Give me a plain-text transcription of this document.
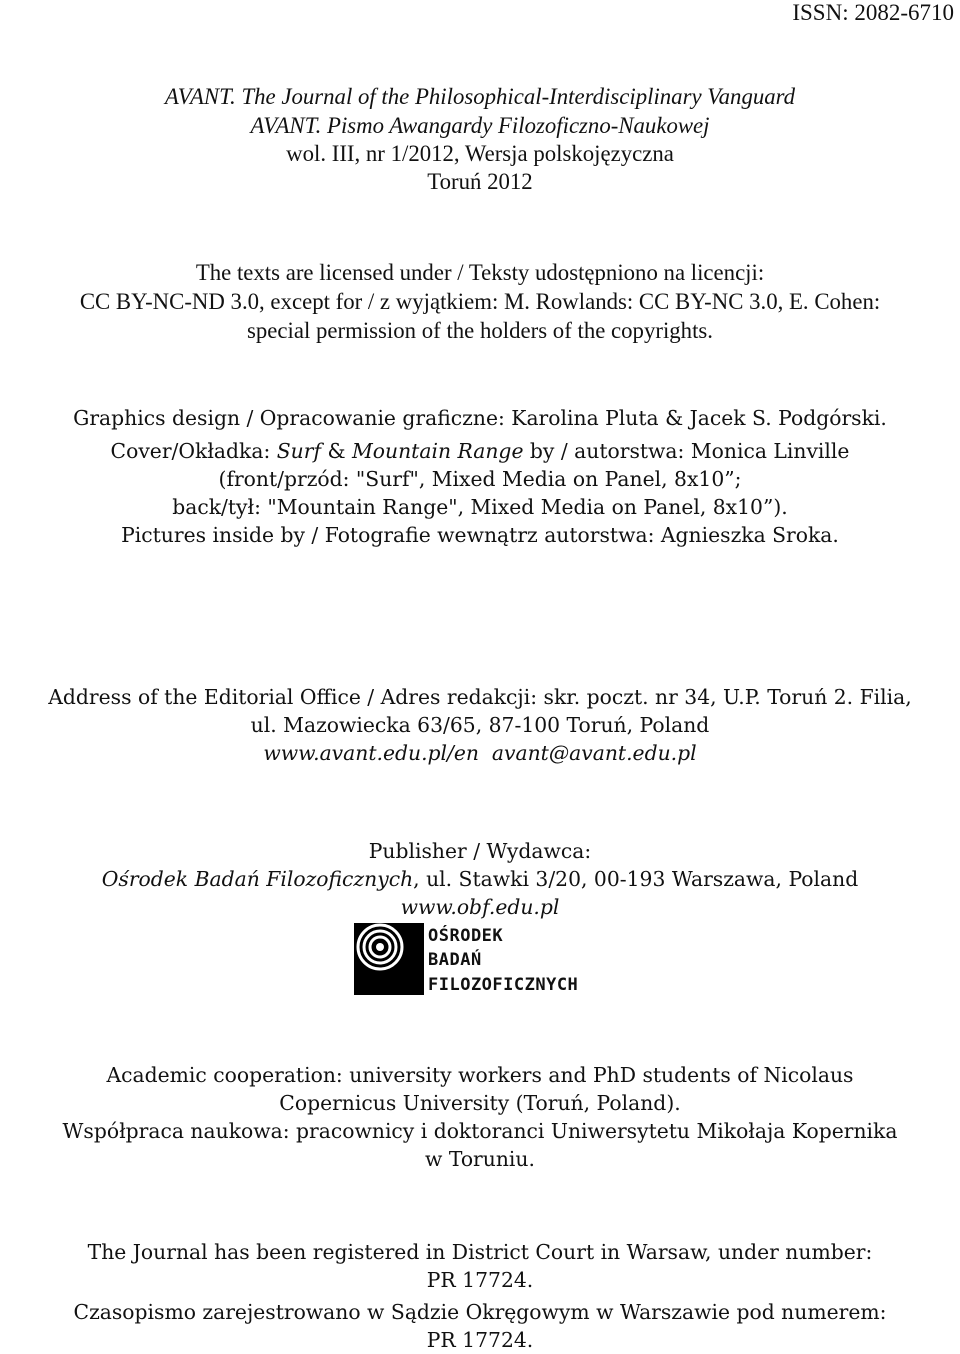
ISSN: 2082-6710
AVANT. The Journal of the Philosophical-Interdisciplinary Vanguard
AVANT. Pismo Awangardy Filozoficzno-Naukowej
wol. III, nr 1/2012, Wersja polskojęzyczna
Toruń 2012
The texts are licensed under / Teksty udostępniono na licencji:
CC BY-NC-ND 3.0, except for / z wyjątkiem: M. Rowlands: CC BY-NC 3.0, E. Cohen:
special permission of the holders of the copyrights.
Graphics design / Opracowanie graficzne: Karolina Pluta & Jacek S. Podgórski.
Cover/Okładka: Surf & Mountain Range by / autorstwa: Monica Linville
(front/przód: "Surf", Mixed Media on Panel, 8x10”;
back/tył: "Mountain Range", Mixed Media on Panel, 8x10”).
Pictures inside by / Fotografie wewnątrz autorstwa: Agnieszka Sroka.
Address of the Editorial Office / Adres redakcji: skr. poczt. nr 34, U.P. Toruń 2. Filia,
ul. Mazowiecka 63/65, 87-100 Toruń, Poland
www.avant.edu.pl/en avant@avant.edu.pl
Publisher / Wydawca:
Ośrodek Badań Filozoficznych, ul. Stawki 3/20, 00-193 Warszawa, Poland
www.obf.edu.pl
OŚRODEK
BADAŃ
FILOZOFICZNYCH
Academic cooperation: university workers and PhD students of Nicolaus
Copernicus University (Toruń, Poland).
Współpraca naukowa: pracownicy i doktoranci Uniwersytetu Mikołaja Kopernika
w Toruniu.
The Journal has been registered in District Court in Warsaw, under number:
PR 17724.
Czasopismo zarejestrowano w Sądzie Okręgowym w Warszawie pod numerem:
PR 17724.
